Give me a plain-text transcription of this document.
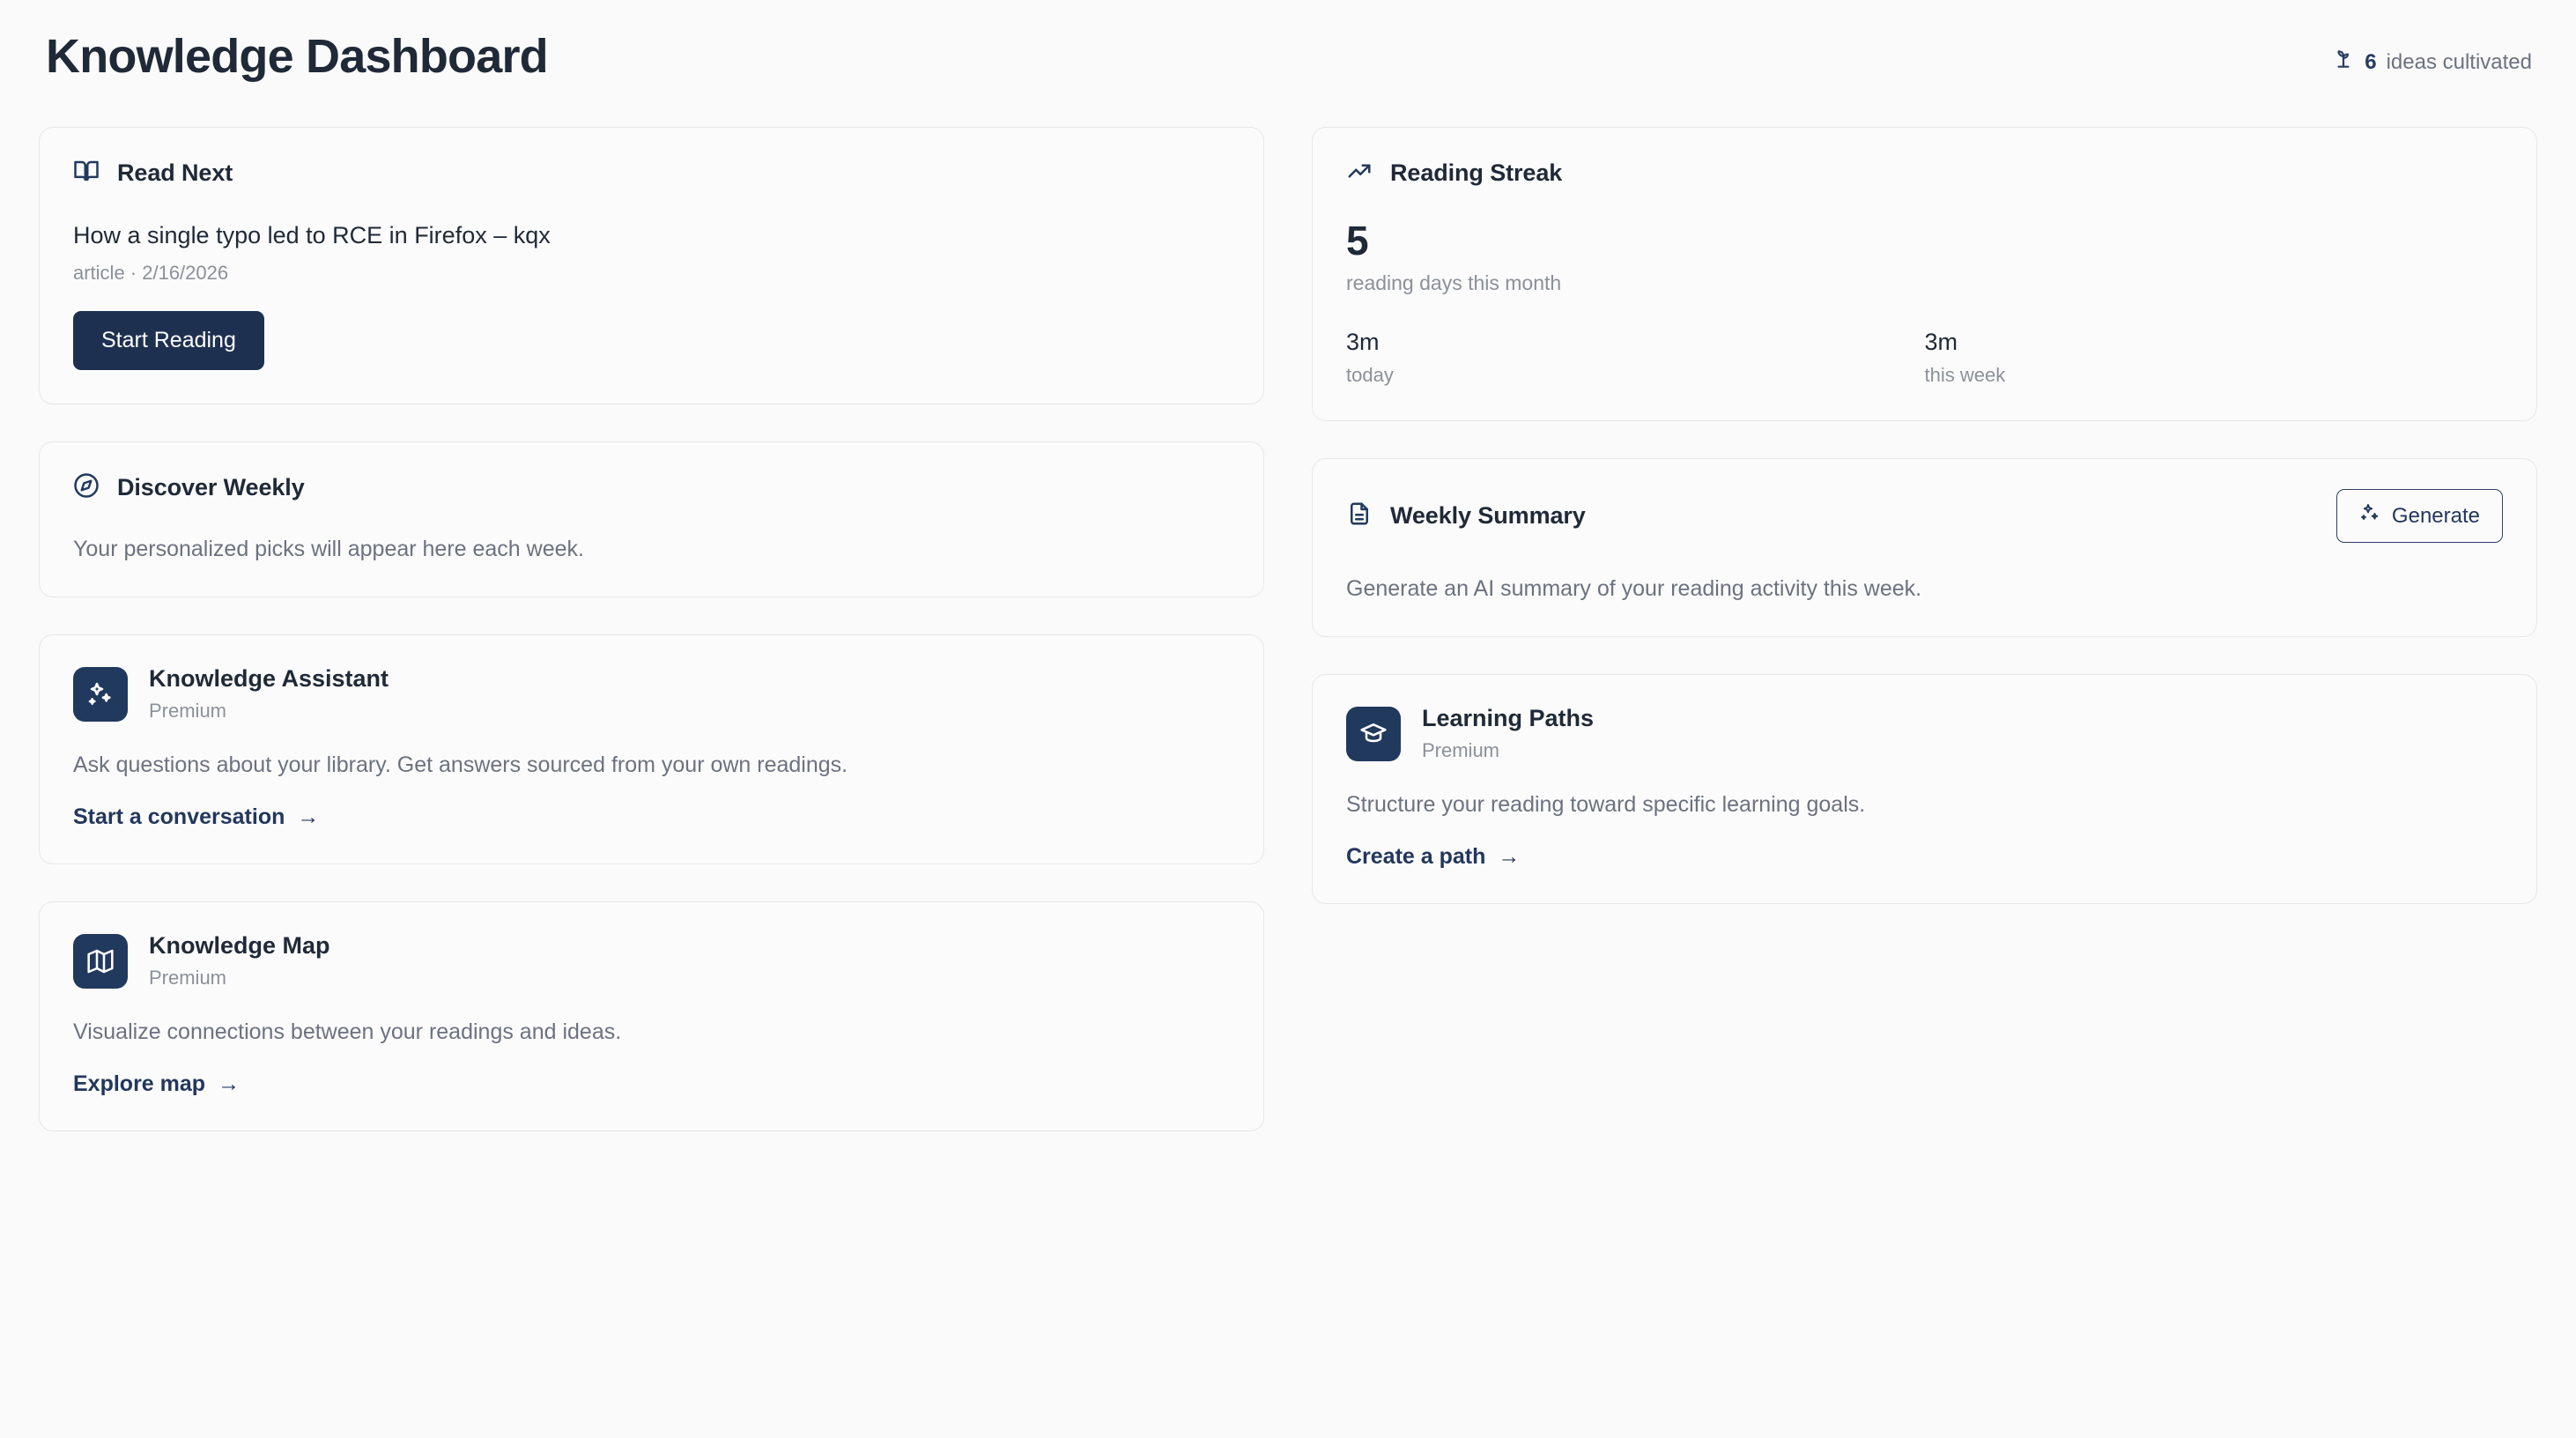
Knowledge Dashboard	6 ideas cultivated
Read Next
How a single typo led to RCE in Firefox – kqx
article · 2/16/2026
Start Reading
Discover Weekly
Your personalized picks will appear here each week.
Knowledge Assistant
Premium
Ask questions about your library. Get answers sourced from your own readings.
Start a conversation →
Knowledge Map
Premium
Visualize connections between your readings and ideas.
Explore map →
Reading Streak
5
reading days this month
3m
today
3m
this week
Weekly Summary	Generate
Generate an AI summary of your reading activity this week.
Learning Paths
Premium
Structure your reading toward specific learning goals.
Create a path →
